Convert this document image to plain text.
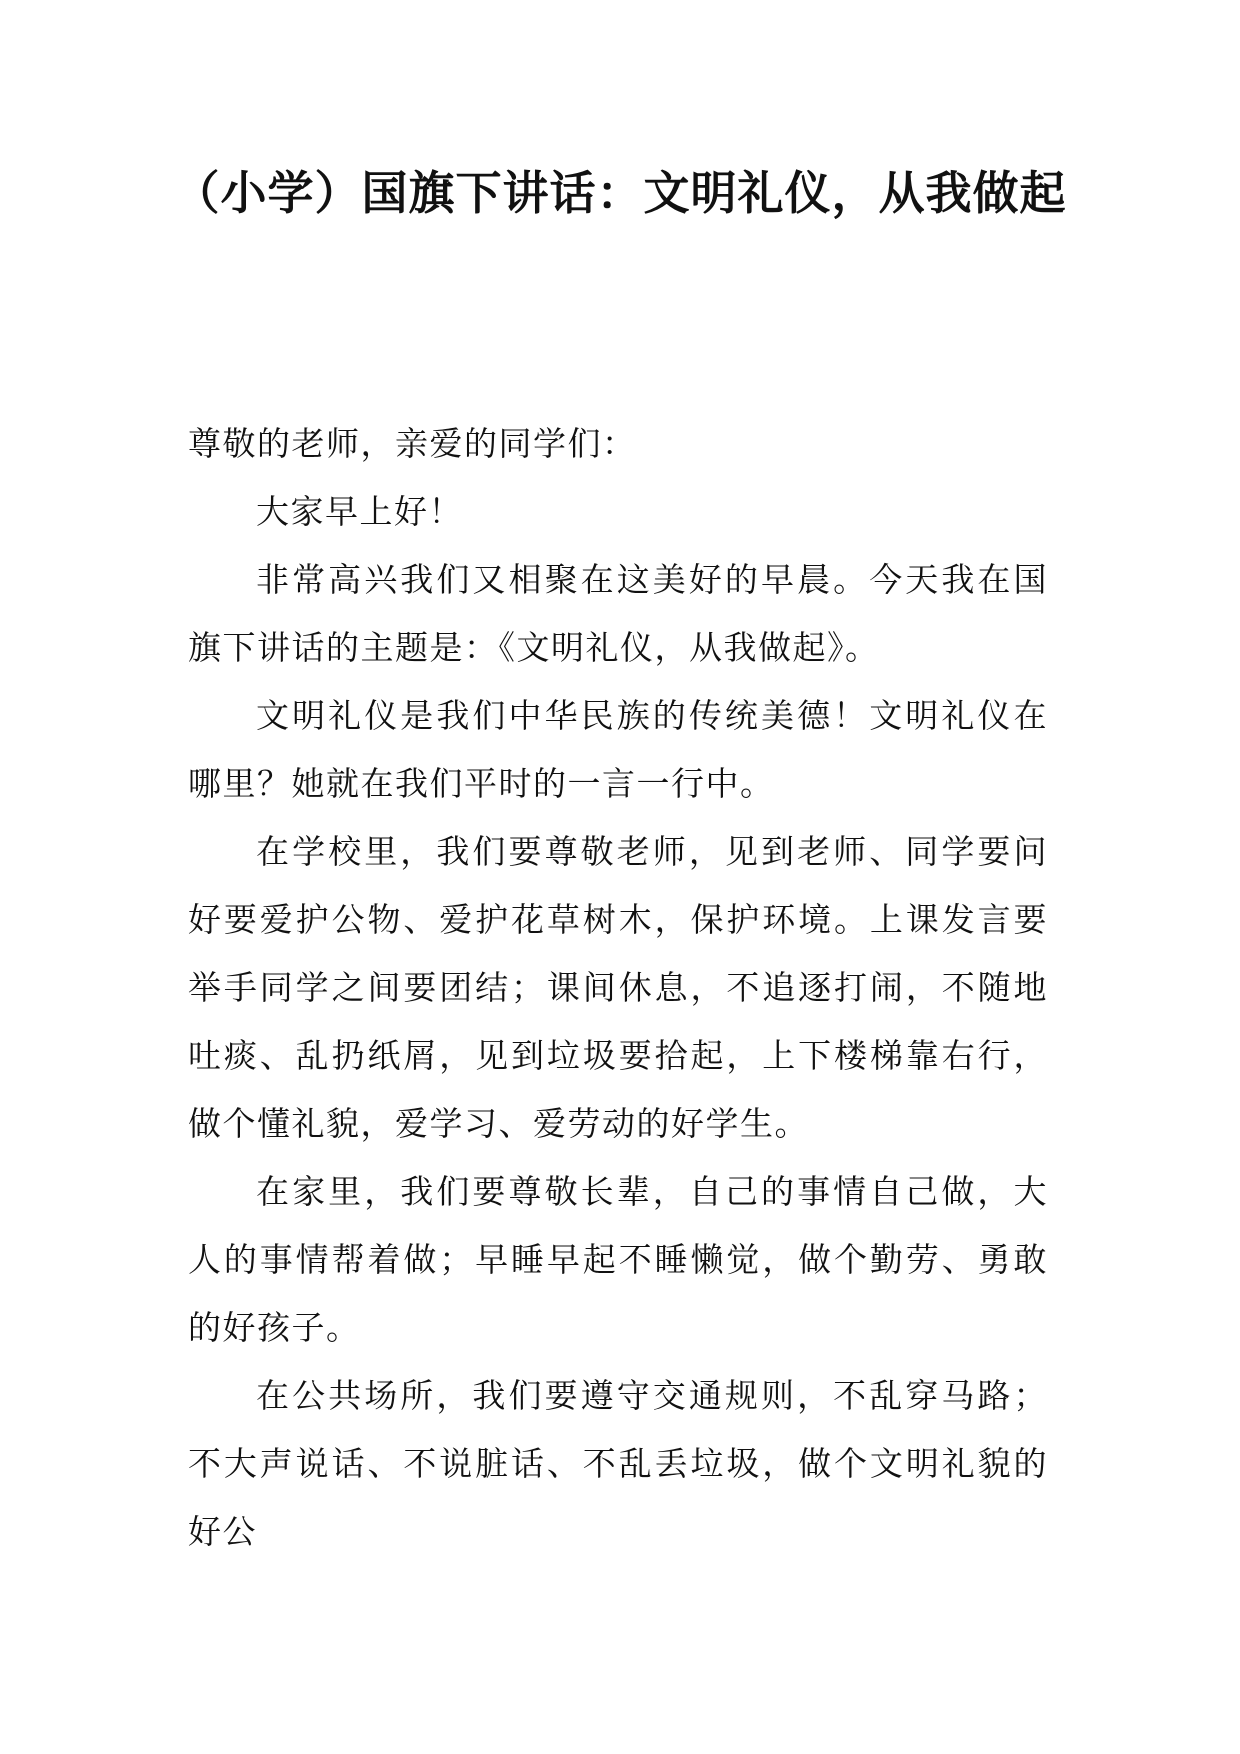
（小学）国旗下讲话：文明礼仪，从我做起

尊敬的老师，亲爱的同学们：

大家早上好！

非常高兴我们又相聚在这美好的早晨。今天我在国旗下讲话的主题是：《文明礼仪，从我做起》。

文明礼仪是我们中华民族的传统美德！文明礼仪在哪里？她就在我们平时的一言一行中。

在学校里，我们要尊敬老师，见到老师、同学要问好要爱护公物、爱护花草树木，保护环境。上课发言要举手同学之间要团结；课间休息，不追逐打闹，不随地吐痰、乱扔纸屑，见到垃圾要拾起，上下楼梯靠右行，做个懂礼貌，爱学习、爱劳动的好学生。

在家里，我们要尊敬长辈，自己的事情自己做，大人的事情帮着做；早睡早起不睡懒觉，做个勤劳、勇敢的好孩子。

在公共场所，我们要遵守交通规则，不乱穿马路；不大声说话、不说脏话、不乱丢垃圾，做个文明礼貌的好公
